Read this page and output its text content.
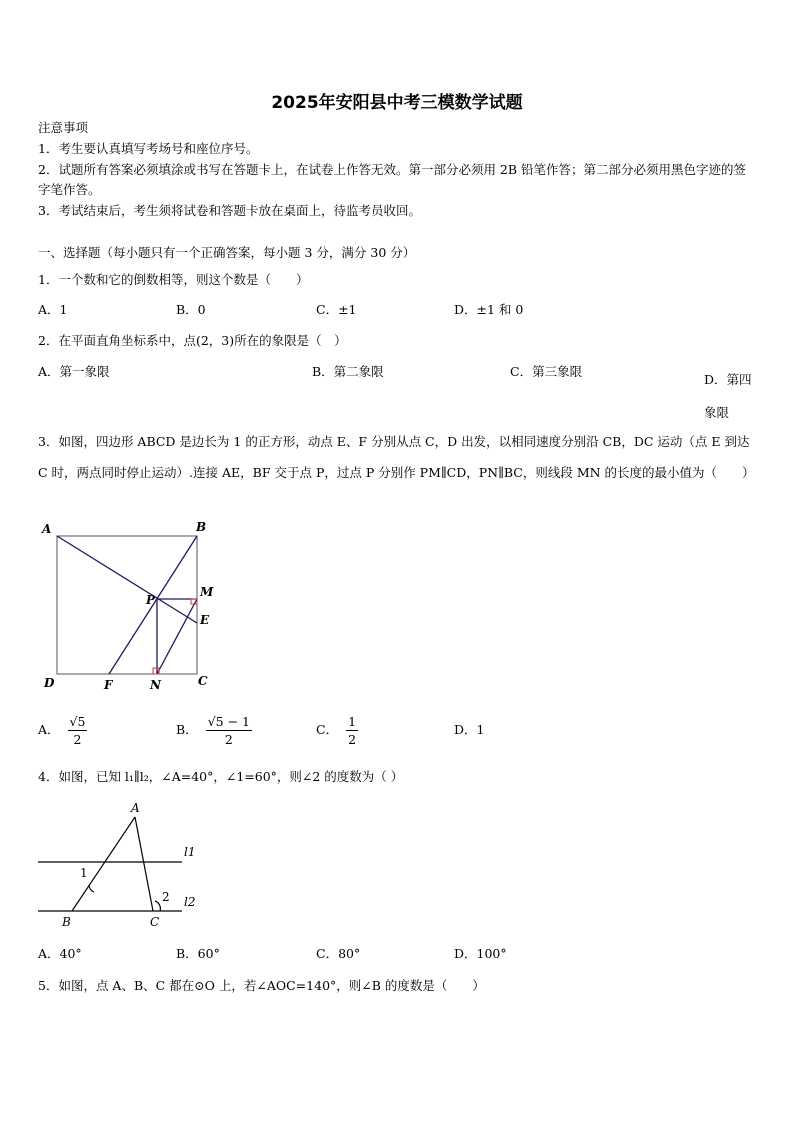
2025年安阳县中考三模数学试题
注意事项
1．考生要认真填写考场号和座位序号。
2．试题所有答案必须填涂或书写在答题卡上，在试卷上作答无效。第一部分必须用 2B 铅笔作答；第二部分必须用黑色字迹的签字笔作答。
3．考试结束后，考生须将试卷和答题卡放在桌面上，待监考员收回。
一、选择题（每小题只有一个正确答案，每小题 3 分，满分 30 分）
1．一个数和它的倒数相等，则这个数是（　　）
A．1	B．0	C．±1	D．±1 和 0
2．在平面直角坐标系中，点(2，3)所在的象限是（　）
A．第一象限	B．第二象限	C．第三象限
D．第四象限
3．如图，四边形 ABCD 是边长为 1 的正方形，动点 E、F 分别从点 C，D 出发，以相同速度分别沿 CB，DC 运动（点 E 到达 C 时，两点同时停止运动）.连接 AE，BF 交于点 P，过点 P 分别作 PM∥CD，PN∥BC，则线段 MN 的长度的最小值为（　　）
A	B
P
M
E
D	F	N	C
A． $\frac{√5}{2}$	B． $\frac{√5 - 1}{2}$	C． $\frac{1}{2}$	D．1
4．如图，已知 l₁∥l₂，∠A=40°，∠1=60°，则∠2 的度数为（ ）
A
1
l1
2 l2
B	C
A．40°	B．60°	C．80°	D．100°
5．如图，点 A、B、C 都在⊙O 上，若∠AOC=140°，则∠B 的度数是（　　）
